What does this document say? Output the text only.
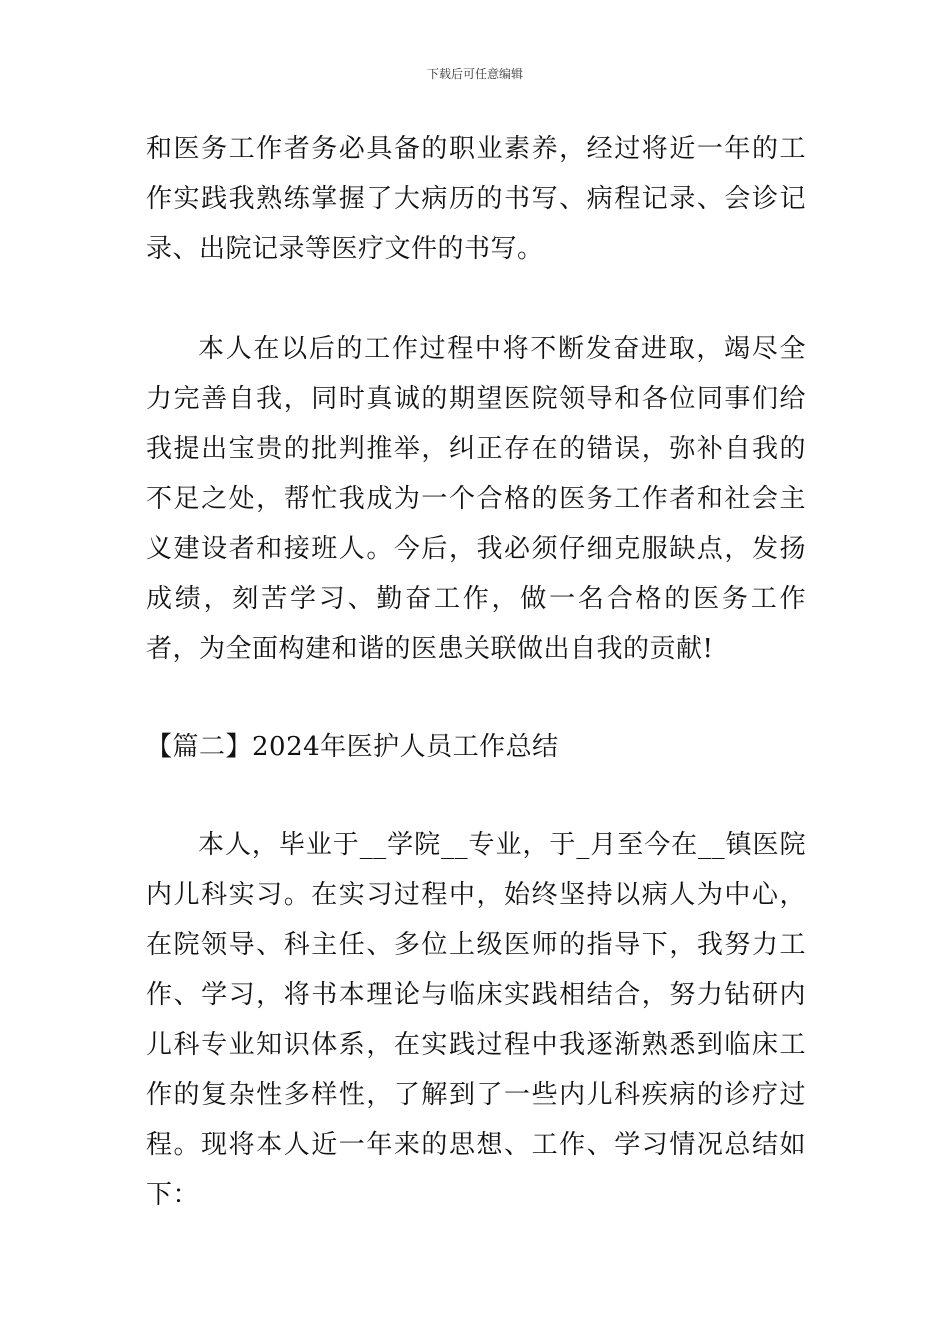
下载后可任意编辑

和医务工作者务必具备的职业素养，经过将近一年的工作实践我熟练掌握了大病历的书写、病程记录、会诊记录、出院记录等医疗文件的书写。

本人在以后的工作过程中将不断发奋进取，竭尽全力完善自我，同时真诚的期望医院领导和各位同事们给我提出宝贵的批判推举，纠正存在的错误，弥补自我的不足之处，帮忙我成为一个合格的医务工作者和社会主义建设者和接班人。今后，我必须仔细克服缺点，发扬成绩，刻苦学习、勤奋工作，做一名合格的医务工作者，为全面构建和谐的医患关联做出自我的贡献!

【篇二】2024年医护人员工作总结

本人，毕业于__学院__专业，于_月至今在__镇医院内儿科实习。在实习过程中，始终坚持以病人为中心，在院领导、科主任、多位上级医师的指导下，我努力工作、学习，将书本理论与临床实践相结合，努力钻研内儿科专业知识体系，在实践过程中我逐渐熟悉到临床工作的复杂性多样性，了解到了一些内儿科疾病的诊疗过程。现将本人近一年来的思想、工作、学习情况总结如下：
